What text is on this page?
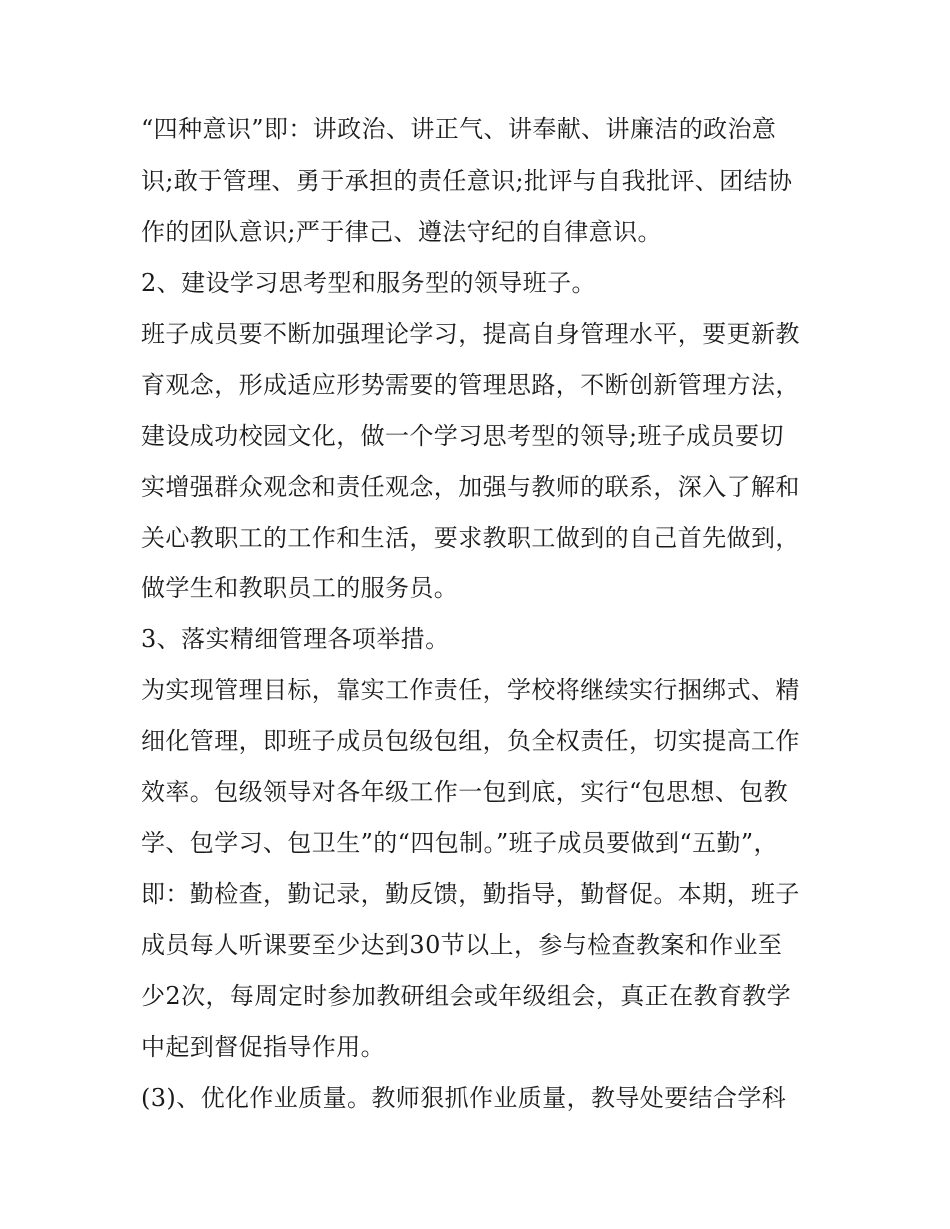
“四种意识”即：讲政治、讲正气、讲奉献、讲廉洁的政治意
识;敢于管理、勇于承担的责任意识;批评与自我批评、团结协
作的团队意识;严于律己、遵法守纪的自律意识。
2、建设学习思考型和服务型的领导班子。
班子成员要不断加强理论学习，提高自身管理水平，要更新教
育观念，形成适应形势需要的管理思路，不断创新管理方法，
建设成功校园文化，做一个学习思考型的领导;班子成员要切
实增强群众观念和责任观念，加强与教师的联系，深入了解和
关心教职工的工作和生活，要求教职工做到的自己首先做到，
做学生和教职员工的服务员。
3、落实精细管理各项举措。
为实现管理目标，靠实工作责任，学校将继续实行捆绑式、精
细化管理，即班子成员包级包组，负全权责任，切实提高工作
效率。包级领导对各年级工作一包到底，实行“包思想、包教
学、包学习、包卫生”的“四包制。”班子成员要做到“五勤”，
即：勤检查，勤记录，勤反馈，勤指导，勤督促。本期，班子
成员每人听课要至少达到30节以上，参与检查教案和作业至
少2次，每周定时参加教研组会或年级组会，真正在教育教学
中起到督促指导作用。
(3)、优化作业质量。教师狠抓作业质量，教导处要结合学科
